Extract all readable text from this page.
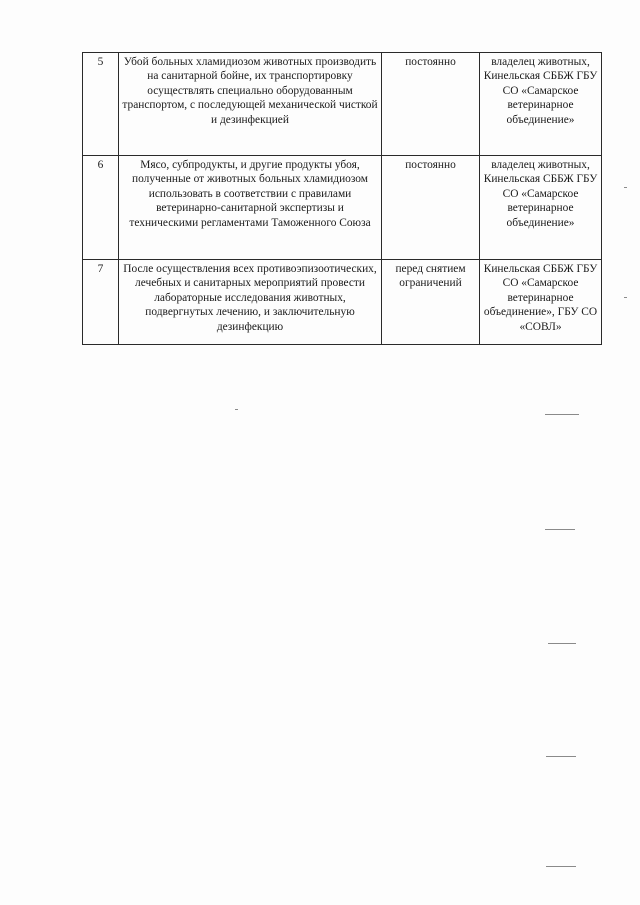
5	Убой больных хламидиозом животных производить на санитарной бойне, их транспортировку осуществлять специально оборудованным транспортом, с последующей механической чисткой и дезинфекцией	постоянно	владелец животных, Кинельская СББЖ ГБУ СО «Самарское ветеринарное объединение»
6	Мясо, субпродукты, и другие продукты убоя, полученные от животных больных хламидиозом использовать в соответствии с правилами ветеринарно-санитарной экспертизы и техническими регламентами Таможенного Союза	постоянно	владелец животных, Кинельская СББЖ ГБУ СО «Самарское ветеринарное объединение»
7	После осуществления всех противоэпизоотических, лечебных и санитарных мероприятий провести лабораторные исследования животных, подвергнутых лечению, и заключительную дезинфекцию	перед снятием ограничений	Кинельская СББЖ ГБУ СО «Самарское ветеринарное объединение», ГБУ СО «СОВЛ»
